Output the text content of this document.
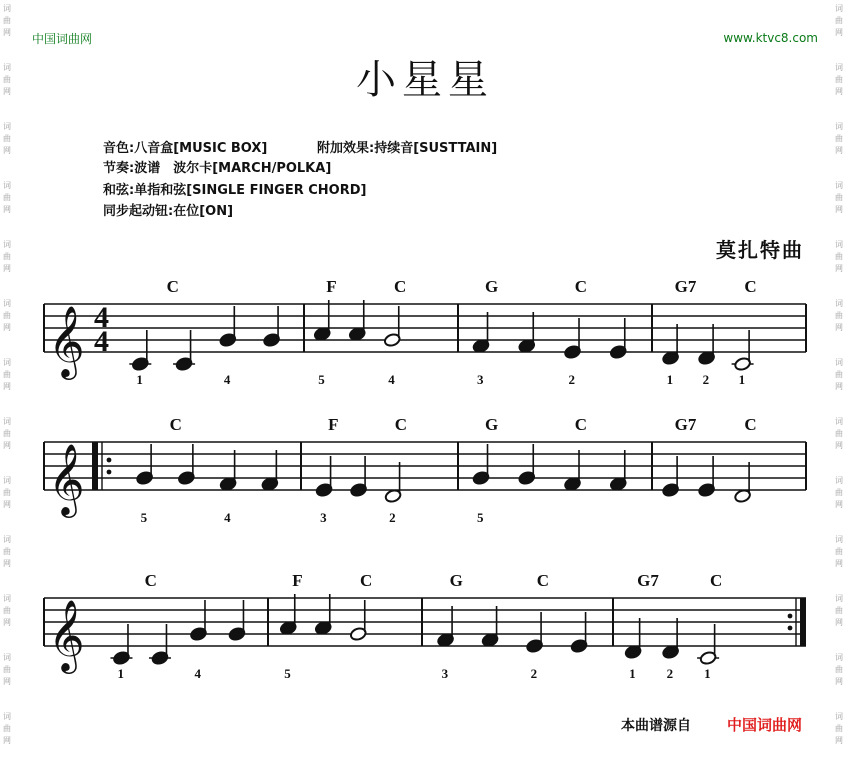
词
曲
网
词
曲
网
词
曲
网
词
曲
网
词
曲
网
词
曲
网
词
曲
网
词
曲
网
词
曲
网
词
曲
网
词
曲
网
词
曲
网
词
曲
网
词
曲
网
词
曲
网
词
曲
网
词
曲
网
词
曲
网
词
曲
网
词
曲
网
词
曲
网
词
曲
网
词
曲
网
词
曲
网
词
曲
网
词
曲
网
中国词曲网	www.ktvc8.com
小星星
音色:八音盒[MUSIC BOX]	附加效果:持续音[SUSTTAIN]
节奏:波谱　波尔卡[MARCH/POLKA]
和弦:单指和弦[SINGLE FINGER CHORD]
同步起动钮:在位[ON]
莫扎特曲
𝄞 4
4
1	4
C
5	4
F	C
3	2
G	C
1 2 1
G7	C
𝄞
5	4
C
3	2
F	C
5
G	C	G7	C
𝄞
1	4
C
5
F	C
3	2
G	C
1 2 1
G7	C
本曲谱源自 中国词曲网
